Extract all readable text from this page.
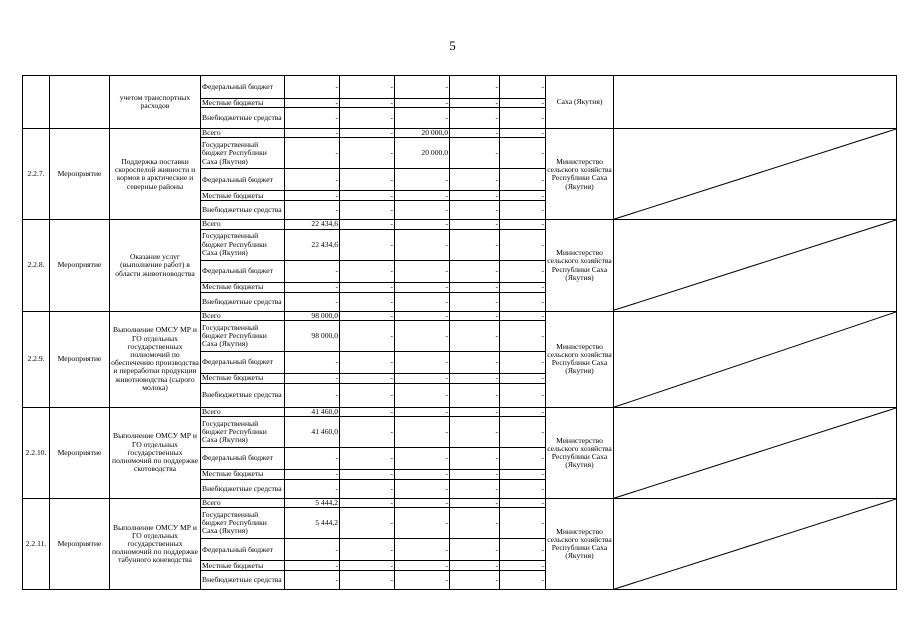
5
		учетом транспортных расходов	Федеральный бюджет	-	-	-	-	-	Саха (Якутия)	
			Местные бюджеты	-	-	-	-	-		
			Внебюджетные средства	-	-	-	-	-		
2.2.7.	Мероприятие	Поддержка поставки скороспелой живности и кормов в арктические и северные районы	Всего	-	-	20 000,0	-	-	Министерство сельского хозяйства Республики Саха (Якутия)	

			Государственный бюджет Республики Саха (Якутия)	-	-	20 000,0	-	-		
			Федеральный бюджет	-	-	-	-	-		
			Местные бюджеты	-	-	-	-	-		
			Внебюджетные средства	-	-	-	-	-		
2.2.8.	Мероприятие	Оказание услуг (выполнение работ) в области животноводства	Всего	22 434,6	-	-	-	-	Министерство сельского хозяйства Республики Саха (Якутия)	

			Государственный бюджет Республики Саха (Якутия)	22 434,6	-	-	-	-		
			Федеральный бюджет	-	-	-	-	-		
			Местные бюджеты	-	-	-	-	-		
			Внебюджетные средства	-	-	-	-	-		
2.2.9.	Мероприятие	Выполнение ОМСУ МР и ГО отдельных государственных полномочий по обеспечению производства и переработки продукции животноводства (сырого молока)	Всего	98 000,0	-	-	-	-	Министерство сельского хозяйства Республики Саха (Якутия)	

			Государственный бюджет Республики Саха (Якутия)	98 000,0	-	-	-	-		
			Федеральный бюджет	-	-	-	-	-		
			Местные бюджеты	-	-	-	-	-		
			Внебюджетные средства	-	-	-	-	-		
2.2.10.	Мероприятие	Выполнение ОМСУ МР и ГО отдельных государственных полномочий по поддержке скотоводства	Всего	41 460,0	-	-	-	-	Министерство сельского хозяйства Республики Саха (Якутия)	

			Государственный бюджет Республики Саха (Якутия)	41 460,0	-	-	-	-		
			Федеральный бюджет	-	-	-	-	-		
			Местные бюджеты	-	-	-	-	-		
			Внебюджетные средства	-	-	-	-	-		
2.2.11.	Мероприятие	Выполнение ОМСУ МР и ГО отдельных государственных полномочий по поддержке табунного коневодства	Всего	5 444,2	-	-	-	-	Министерство сельского хозяйства Республики Саха (Якутия)	

			Государственный бюджет Республики Саха (Якутия)	5 444,2	-	-	-	-		
			Федеральный бюджет	-	-	-	-	-		
			Местные бюджеты	-	-	-	-	-		
			Внебюджетные средства	-	-	-	-	-		
